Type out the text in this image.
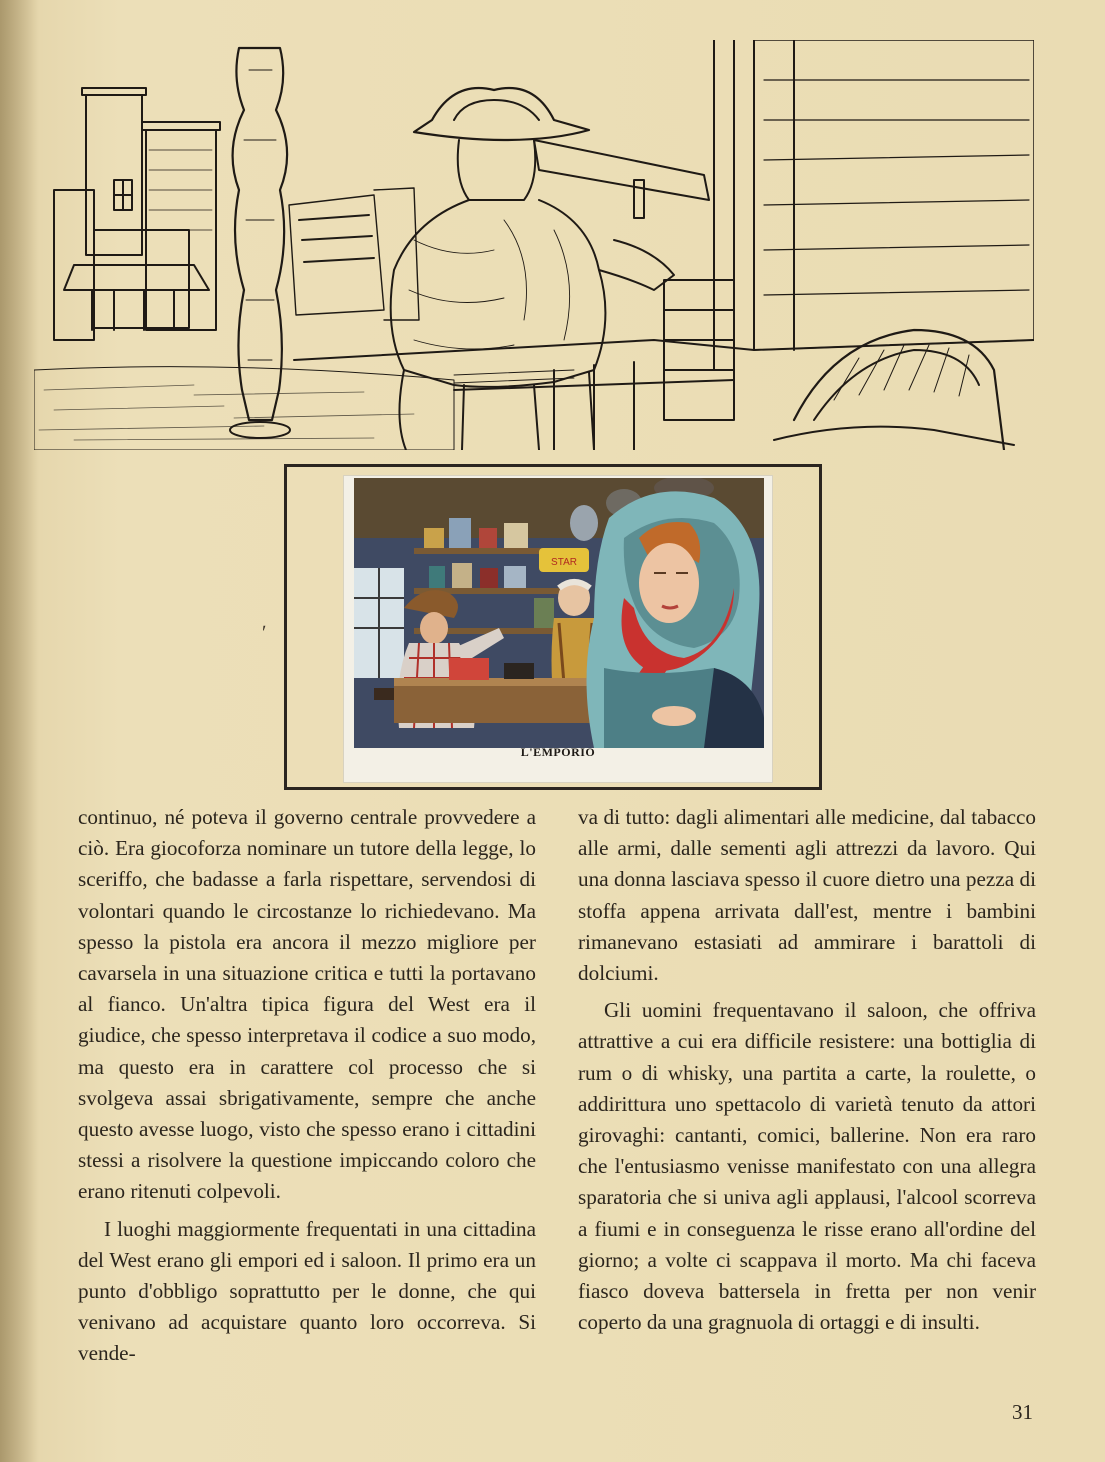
STAR
L'EMPORIO
ʹ

continuo, né poteva il governo centrale provvedere a ciò. Era giocoforza nominare un tutore della legge, lo sceriffo, che badasse a farla rispettare, servendosi di volontari quando le circostanze lo richiedevano. Ma spesso la pistola era ancora il mezzo migliore per cavarsela in una situazione critica e tutti la portavano al fianco. Un'altra tipica figura del West era il giudice, che spesso interpretava il codice a suo modo, ma questo era in carattere col processo che si svolgeva assai sbrigativamente, sempre che anche questo avesse luogo, visto che spesso erano i cittadini stessi a risolvere la questione impiccando coloro che erano ritenuti colpevoli.

I luoghi maggiormente frequentati in una cittadina del West erano gli empori ed i saloon. Il primo era un punto d'obbligo soprattutto per le donne, che qui venivano ad acquistare quanto loro occorreva. Si vende-

va di tutto: dagli alimentari alle medicine, dal tabacco alle armi, dalle sementi agli attrezzi da lavoro. Qui una donna lasciava spesso il cuore dietro una pezza di stoffa appena arrivata dall'est, mentre i bambini rimanevano estasiati ad ammirare i barattoli di dolciumi.

Gli uomini frequentavano il saloon, che offriva attrattive a cui era difficile resistere: una bottiglia di rum o di whisky, una partita a carte, la roulette, o addirittura uno spettacolo di varietà tenuto da attori girovaghi: cantanti, comici, ballerine. Non era raro che l'entusiasmo venisse manifestato con una allegra sparatoria che si univa agli applausi, l'alcool scorreva a fiumi e in conseguenza le risse erano all'ordine del giorno; a volte ci scappava il morto. Ma chi faceva fiasco doveva battersela in fretta per non venir coperto da una gragnuola di ortaggi e di insulti.

31
